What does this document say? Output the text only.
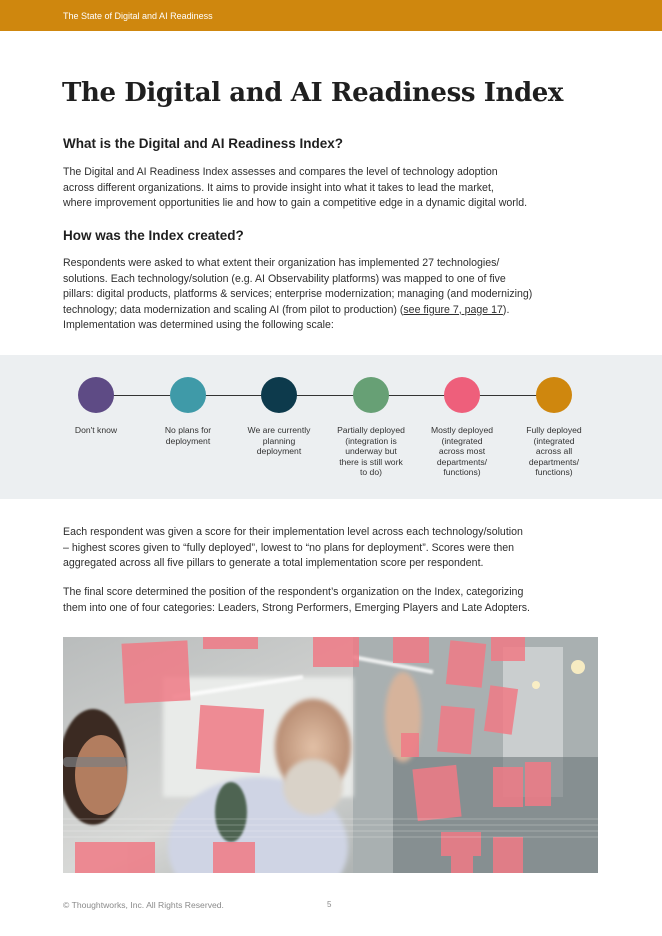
The State of Digital and AI Readiness
The Digital and AI Readiness Index
What is the Digital and AI Readiness Index?
The Digital and AI Readiness Index assesses and compares the level of technology adoption
across different organizations. It aims to provide insight into what it takes to lead the market,
where improvement opportunities lie and how to gain a competitive edge in a dynamic digital world.
How was the Index created?
Respondents were asked to what extent their organization has implemented 27 technologies/
solutions. Each technology/solution (e.g. AI Observability platforms) was mapped to one of five
pillars: digital products, platforms & services; enterprise modernization; managing (and modernizing)
technology; data modernization and scaling AI (from pilot to production) (see figure 7, page 17).
Implementation was determined using the following scale:
Don't know	No plans for
deployment
We are currently
planning
deployment
Partially deployed
(integration is
underway but
there is still work
to do)
Mostly deployed
(integrated
across most
departments/
functions)
Fully deployed
(integrated
across all
departments/
functions)
Each respondent was given a score for their implementation level across each technology/solution
– highest scores given to “fully deployed”, lowest to “no plans for deployment”. Scores were then
aggregated across all five pillars to generate a total implementation score per respondent.
The final score determined the position of the respondent’s organization on the Index, categorizing
them into one of four categories: Leaders, Strong Performers, Emerging Players and Late Adopters.
© Thoughtworks, Inc. All Rights Reserved.	5
